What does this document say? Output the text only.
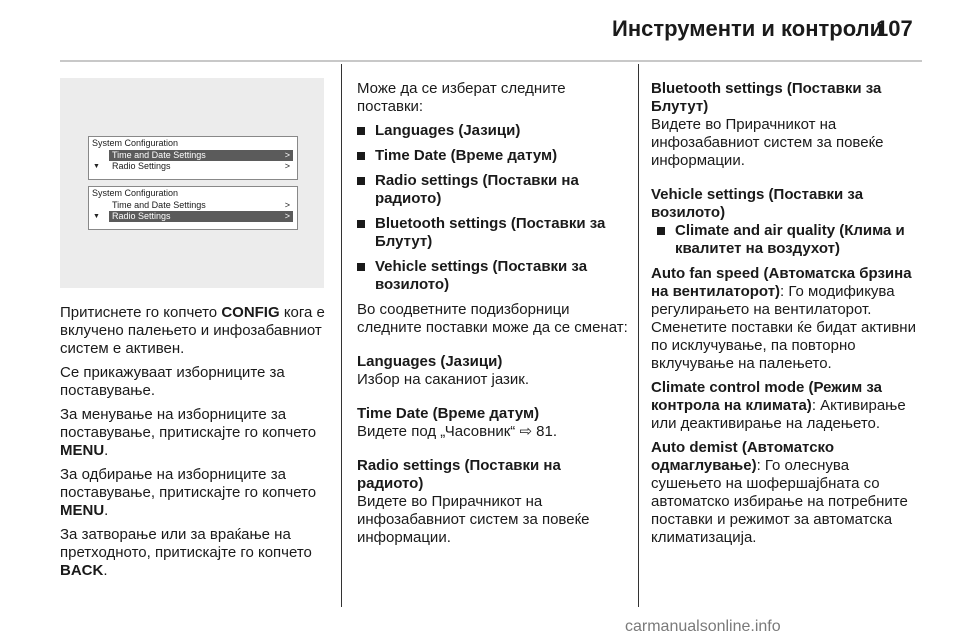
Инструменти и контроли
107
System Configuration
Time and Date Settings	>
▼ Radio Settings	>
System Configuration
Time and Date Settings	>
▼ Radio Settings	>

Притиснете го копчето CONFIG кога е вклучено палењето и инфозабавниот систем е активен.

Се прикажуваат изборниците за поставување.

За менување на изборниците за поставување, притискајте го копчето MENU.

За одбирање на изборниците за поставување, притискајте го копчето MENU.

За затворање или за враќање на претходното, притискајте го копчето BACK.

Може да се изберат следните поставки:

Languages (Јазици)
Time Date (Време датум)
Radio settings (Поставки на радиото)
Bluetooth settings (Поставки за Блутут)
Vehicle settings (Поставки за возилото)

Во соодветните подизборници следните поставки може да се сменат:

Languages (Јазици)

Избор на саканиот јазик.

Time Date (Време датум)

Видете под „Часовник“ ⇨ 81.

Radio settings (Поставки на радиото)

Видете во Прирачникот на инфозабавниот систем за повеќе информации.

Bluetooth settings (Поставки за Блутут)

Видете во Прирачникот на инфозабавниот систем за повеќе информации.

Vehicle settings (Поставки за возилото)
Climate and air quality (Клима и квалитет на воздухот)

Auto fan speed (Автоматска брзина на вентилаторот): Го модификува регулирањето на вентилаторот. Сменетите поставки ќе бидат активни по исклучување, па повторно вклучување на палењето.

Climate control mode (Режим за контрола на климата): Активирање или деактивирање на ладењето.

Auto demist (Автоматско одмаглување): Го олеснува сушењето на шофершајбната со автоматско избирање на потребните поставки и режимот за автоматска климатизација.

carmanualsonline.info
